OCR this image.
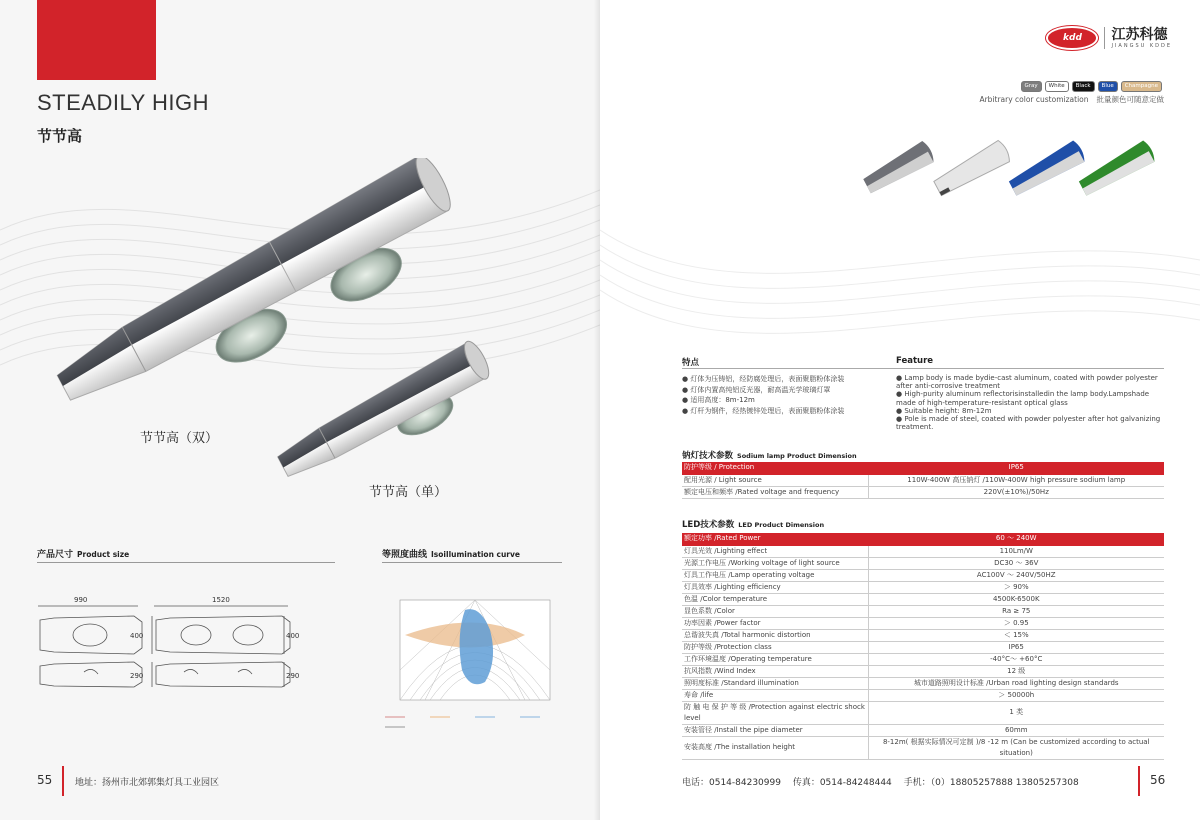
STEADILY HIGH
节节高
节节高（双）
节节高（单）
产品尺寸 Product size
990	1520
400
290
400
290
等照度曲线 Isoillumination curve
55	地址：扬州市北郊郭集灯具工业园区
kdd	江苏科德
JIANGSU KDDE
Gray	White	Black	Blue	Champagne
Arbitrary color customization 批量颜色可随意定做
特点	Feature
● 灯体为压铸铝，经防腐处理后，表面聚脂粉体涂装
● 灯体内置高纯铝反光器，耐高温光学玻璃灯罩
● 适用高度：8m-12m
● 灯杆为钢件，经热镀锌处理后，表面聚脂粉体涂装
● Lamp body is made bydie-cast aluminum, coated with powder polyester after anti-corrosive treatment
● High-purity aluminum reflectorisinstalledin the lamp body.Lampshade made of high-temperature-resistant optical glass
● Suitable height: 8m-12m
● Pole is made of steel, coated with powder polyester after hot galvanizing treatment.
钠灯技术参数 Sodium lamp Product Dimension
防护等级 / Protection	IP65
配用光源 / Light source	110W-400W 高压钠灯 /110W-400W high pressure sodium lamp
额定电压和频率 /Rated voltage and frequency	220V(±10%)/50Hz
LED技术参数 LED Product Dimension
额定功率 /Rated Power	60 ～ 240W
灯具光效 /Lighting effect	110Lm/W
光源工作电压 /Working voltage of light source	DC30 ～ 36V
灯具工作电压 /Lamp operating voltage	AC100V ～ 240V/50HZ
灯具效率 /Lighting efficiency	＞ 90%
色温 /Color temperature	4500K-6500K
显色系数 /Color	Ra ≥ 75
功率因素 /Power factor	＞ 0.95
总谐波失真 /Total harmonic distortion	＜ 15%
防护等级 /Protection class	IP65
工作环境温度 /Operating temperature	-40°C～ +60°C
抗风指数 /Wind Index	12 级
照明度标准 /Standard illumination	城市道路照明设计标准 /Urban road lighting design standards
寿命 /life	＞ 50000h
防 触 电 保 护 等 级 /Protection against electric shock level	1 类
安装管径 /Install the pipe diameter	60mm
安装高度 /The installation height	8-12m( 根据实际情况可定制 )/8 -12 m (Can be customized according to actual situation)
电话：0514-84230999　 传真：0514-84248444　 手机：（0）18805257888 13805257308	56
